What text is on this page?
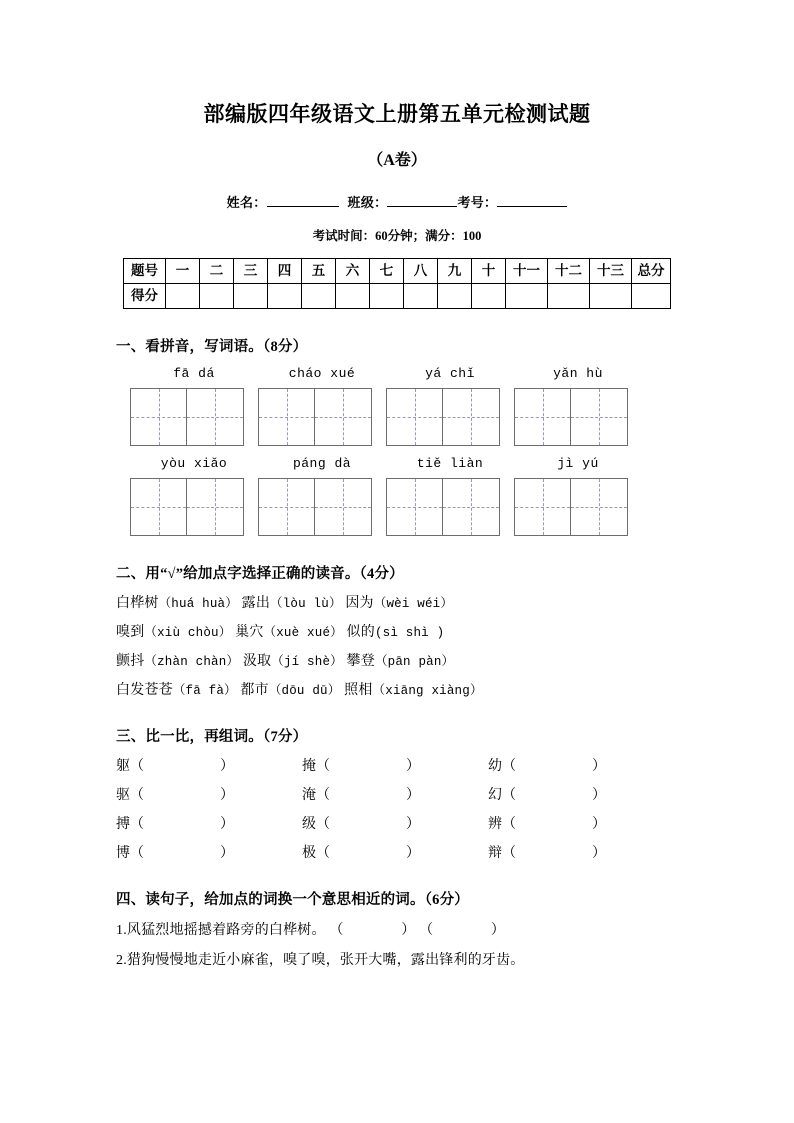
部编版四年级语文上册第五单元检测试题
（A卷）
姓名：	班级：	考号：
考试时间：60分钟；满分：100
题号	一	二	三	四	五	六	七	八	九	十	十一	十二	十三	总分
得分														
一、看拼音，写词语。（8分）
fā dá	cháo xué	yá chǐ	yǎn hù
yòu xiǎo	páng dà	tiě liàn	jì yú
二、用“√”给加点字选择正确的读音。（4分）
白桦树（huá huà） 露出（lòu lù） 因为（wèi wéi）
嗅到（xiù chòu） 巢穴（xuè xué） 似的(sì shì )
颤抖（zhàn chàn） 汲取（jí shè） 攀登（pān pàn）
白发苍苍（fā fà） 都市（dōu dū） 照相（xiāng xiàng）
三、比一比，再组词。（7分）
躯（	）	掩（	）	幼（	）
驱（	）	淹（	）	幻（	）
搏（	）	级（	）	辨（	）
博（	）	极（	）	辩（	）
四、读句子，给加点的词换一个意思相近的词。（6分）
1.风猛烈地摇撼着路旁的白桦树。 （	） （	）
2.猎狗慢慢地走近小麻雀，嗅了嗅，张开大嘴，露出锋利的牙齿。
